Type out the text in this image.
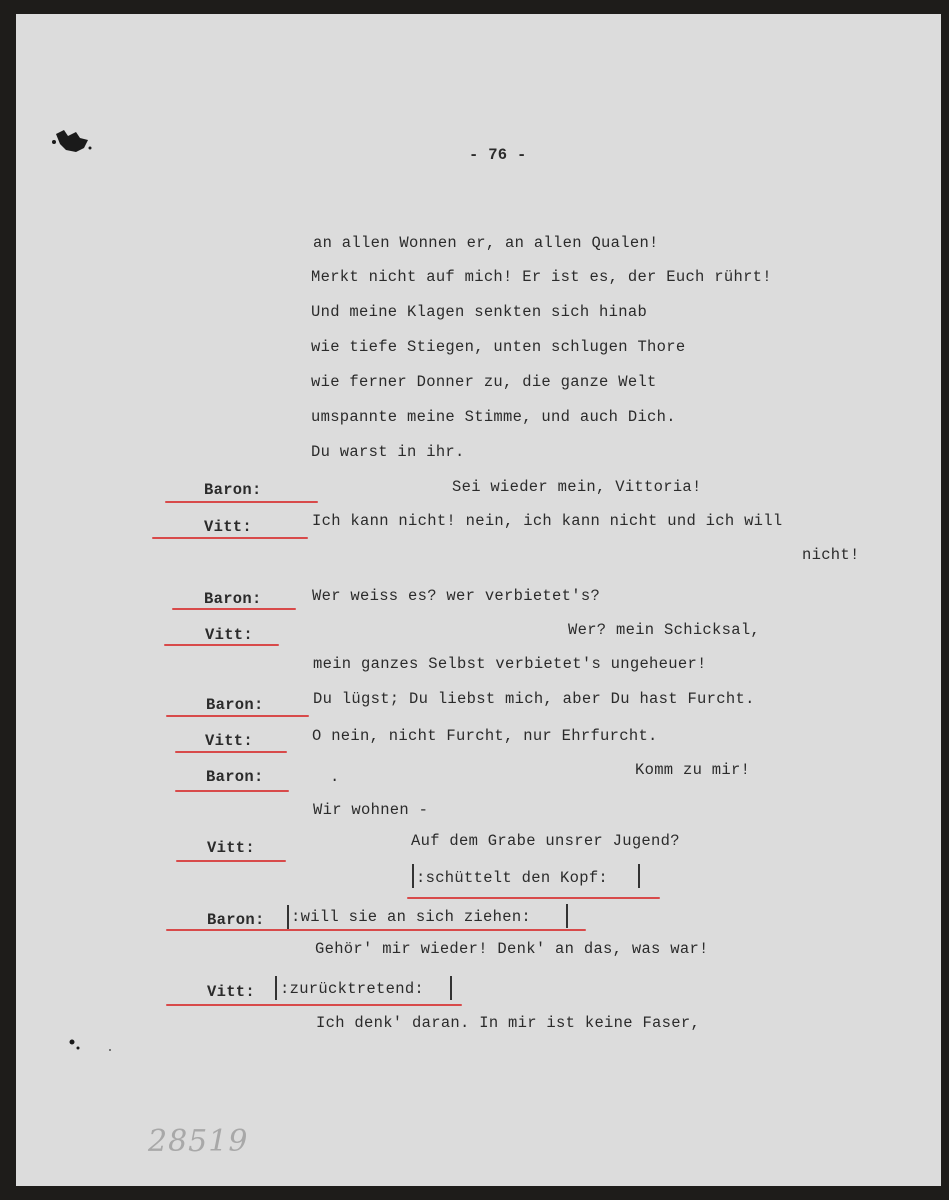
- 76 -
an allen Wonnen er, an allen Qualen!
Merkt nicht auf mich! Er ist es, der Euch rührt!
Und meine Klagen senkten sich hinab
wie tiefe Stiegen, unten schlugen Thore
wie ferner Donner zu, die ganze Welt
umspannte meine Stimme, und auch Dich.
Du warst in ihr.
Baron:	Sei wieder mein, Vittoria!
Vitt:	Ich kann nicht! nein, ich kann nicht und ich will
nicht!
Baron:	Wer weiss es? wer verbietet's?
Vitt:	Wer? mein Schicksal,
mein ganzes Selbst verbietet's ungeheuer!
Baron:	Du lügst; Du liebst mich, aber Du hast Furcht.
Vitt:	O nein, nicht Furcht, nur Ehrfurcht.
Baron:	.	Komm zu mir!
Wir wohnen -
Vitt:	Auf dem Grabe unsrer Jugend?
:schüttelt den Kopf:
Baron: :will sie an sich ziehen:
Gehör' mir wieder! Denk' an das, was war!
Vitt: :zurücktretend:
Ich denk' daran. In mir ist keine Faser,
28519
